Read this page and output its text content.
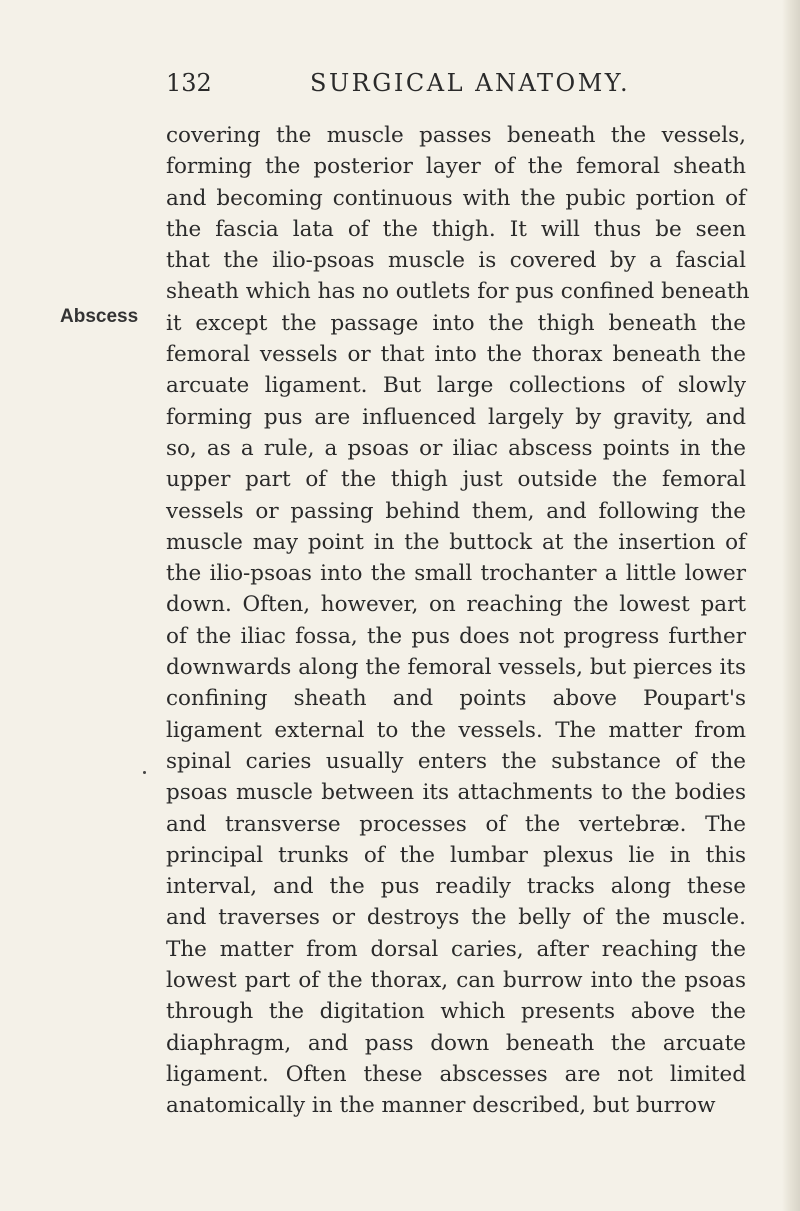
132	SURGICAL ANATOMY.
Abscess
covering the muscle passes beneath the vessels,
forming the posterior layer of the femoral sheath
and becoming continuous with the pubic portion of
the fascia lata of the thigh. It will thus be seen
that the ilio-psoas muscle is covered by a fascial
sheath which has no outlets for pus confined beneath
it except the passage into the thigh beneath the
femoral vessels or that into the thorax beneath the
arcuate ligament. But large collections of slowly
forming pus are influenced largely by gravity, and
so, as a rule, a psoas or iliac abscess points in the
upper part of the thigh just outside the femoral
vessels or passing behind them, and following the
muscle may point in the buttock at the insertion of
the ilio-psoas into the small trochanter a little lower
down. Often, however, on reaching the lowest part
of the iliac fossa, the pus does not progress further
downwards along the femoral vessels, but pierces its
confining sheath and points above Poupart's
ligament external to the vessels. The matter from
spinal caries usually enters the substance of the
psoas muscle between its attachments to the bodies
and transverse processes of the vertebræ. The
principal trunks of the lumbar plexus lie in this
interval, and the pus readily tracks along these
and traverses or destroys the belly of the muscle.
The matter from dorsal caries, after reaching the
lowest part of the thorax, can burrow into the psoas
through the digitation which presents above the
diaphragm, and pass down beneath the arcuate
ligament. Often these abscesses are not limited
anatomically in the manner described, but burrow
